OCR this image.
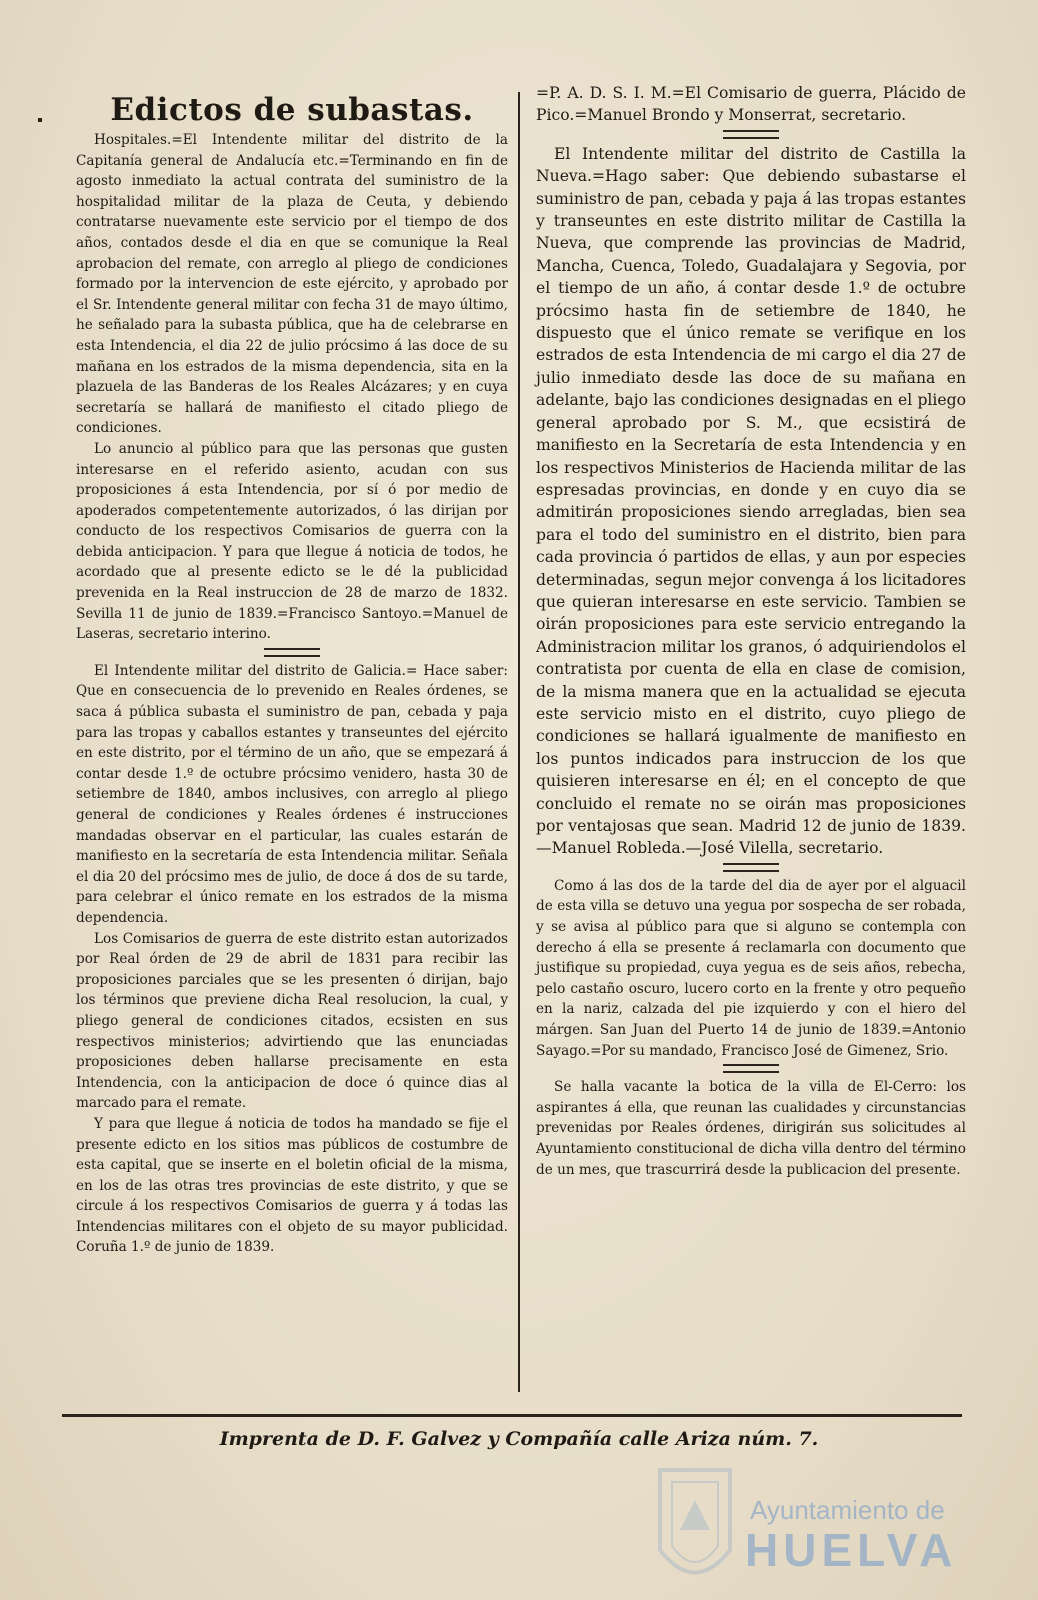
Edictos de subastas.

Hospitales.=El Intendente militar del distrito de la Capitanía general de Andalucía etc.=Terminando en fin de agosto inmediato la actual contrata del suministro de la hospitalidad militar de la plaza de Ceuta, y debiendo contratarse nuevamente este servicio por el tiempo de dos años, contados desde el dia en que se comunique la Real aprobacion del remate, con arreglo al pliego de condiciones formado por la intervencion de este ejército, y aprobado por el Sr. Intendente general militar con fecha 31 de mayo último, he señalado para la subasta pública, que ha de celebrarse en esta Intendencia, el dia 22 de julio prócsimo á las doce de su mañana en los estrados de la misma dependencia, sita en la plazuela de las Banderas de los Reales Alcázares; y en cuya secretaría se hallará de manifiesto el citado pliego de condiciones.

Lo anuncio al público para que las personas que gusten interesarse en el referido asiento, acudan con sus proposiciones á esta Intendencia, por sí ó por medio de apoderados competentemente autorizados, ó las dirijan por conducto de los respectivos Comisarios de guerra con la debida anticipacion. Y para que llegue á noticia de todos, he acordado que al presente edicto se le dé la publicidad prevenida en la Real instruccion de 28 de marzo de 1832. Sevilla 11 de junio de 1839.=Francisco Santoyo.=Manuel de Laseras, secretario interino.

El Intendente militar del distrito de Galicia.= Hace saber: Que en consecuencia de lo prevenido en Reales órdenes, se saca á pública subasta el suministro de pan, cebada y paja para las tropas y caballos estantes y transeuntes del ejército en este distrito, por el término de un año, que se empezará á contar desde 1.º de octubre prócsimo venidero, hasta 30 de setiembre de 1840, ambos inclusives, con arreglo al pliego general de condiciones y Reales órdenes é instrucciones mandadas observar en el particular, las cuales estarán de manifiesto en la secretaría de esta Intendencia militar. Señala el dia 20 del prócsimo mes de julio, de doce á dos de su tarde, para celebrar el único remate en los estrados de la misma dependencia.

Los Comisarios de guerra de este distrito estan autorizados por Real órden de 29 de abril de 1831 para recibir las proposiciones parciales que se les presenten ó dirijan, bajo los términos que previene dicha Real resolucion, la cual, y pliego general de condiciones citados, ecsisten en sus respectivos ministerios; advirtiendo que las enunciadas proposiciones deben hallarse precisamente en esta Intendencia, con la anticipacion de doce ó quince dias al marcado para el remate.

Y para que llegue á noticia de todos ha mandado se fije el presente edicto en los sitios mas públicos de costumbre de esta capital, que se inserte en el boletin oficial de la misma, en los de las otras tres provincias de este distrito, y que se circule á los respectivos Comisarios de guerra y á todas las Intendencias militares con el objeto de su mayor publicidad. Coruña 1.º de junio de 1839.

=P. A. D. S. I. M.=El Comisario de guerra, Plácido de Pico.=Manuel Brondo y Monserrat, secretario.

El Intendente militar del distrito de Castilla la Nueva.=Hago saber: Que debiendo subastarse el suministro de pan, cebada y paja á las tropas estantes y transeuntes en este distrito militar de Castilla la Nueva, que comprende las provincias de Madrid, Mancha, Cuenca, Toledo, Guadalajara y Segovia, por el tiempo de un año, á contar desde 1.º de octubre prócsimo hasta fin de setiembre de 1840, he dispuesto que el único remate se verifique en los estrados de esta Intendencia de mi cargo el dia 27 de julio inmediato desde las doce de su mañana en adelante, bajo las condiciones designadas en el pliego general aprobado por S. M., que ecsistirá de manifiesto en la Secretaría de esta Intendencia y en los respectivos Ministerios de Hacienda militar de las espresadas provincias, en donde y en cuyo dia se admitirán proposiciones siendo arregladas, bien sea para el todo del suministro en el distrito, bien para cada provincia ó partidos de ellas, y aun por especies determinadas, segun mejor convenga á los licitadores que quieran interesarse en este servicio. Tambien se oirán proposiciones para este servicio entregando la Administracion militar los granos, ó adquiriendolos el contratista por cuenta de ella en clase de comision, de la misma manera que en la actualidad se ejecuta este servicio misto en el distrito, cuyo pliego de condiciones se hallará igualmente de manifiesto en los puntos indicados para instruccion de los que quisieren interesarse en él; en el concepto de que concluido el remate no se oirán mas proposiciones por ventajosas que sean. Madrid 12 de junio de 1839.—Manuel Robleda.—José Vilella, secretario.

Como á las dos de la tarde del dia de ayer por el alguacil de esta villa se detuvo una yegua por sospecha de ser robada, y se avisa al público para que si alguno se contempla con derecho á ella se presente á reclamarla con documento que justifique su propiedad, cuya yegua es de seis años, rebecha, pelo castaño oscuro, lucero corto en la frente y otro pequeño en la nariz, calzada del pie izquierdo y con el hiero del márgen. San Juan del Puerto 14 de junio de 1839.=Antonio Sayago.=Por su mandado, Francisco José de Gimenez, Srio.

Se halla vacante la botica de la villa de El-Cerro: los aspirantes á ella, que reunan las cualidades y circunstancias prevenidas por Reales órdenes, dirigirán sus solicitudes al Ayuntamiento constitucional de dicha villa dentro del término de un mes, que trascurrirá desde la publicacion del presente.

Imprenta de D. F. Galvez y Compañía calle Ariza núm. 7.
Ayuntamiento de
HUELVA
